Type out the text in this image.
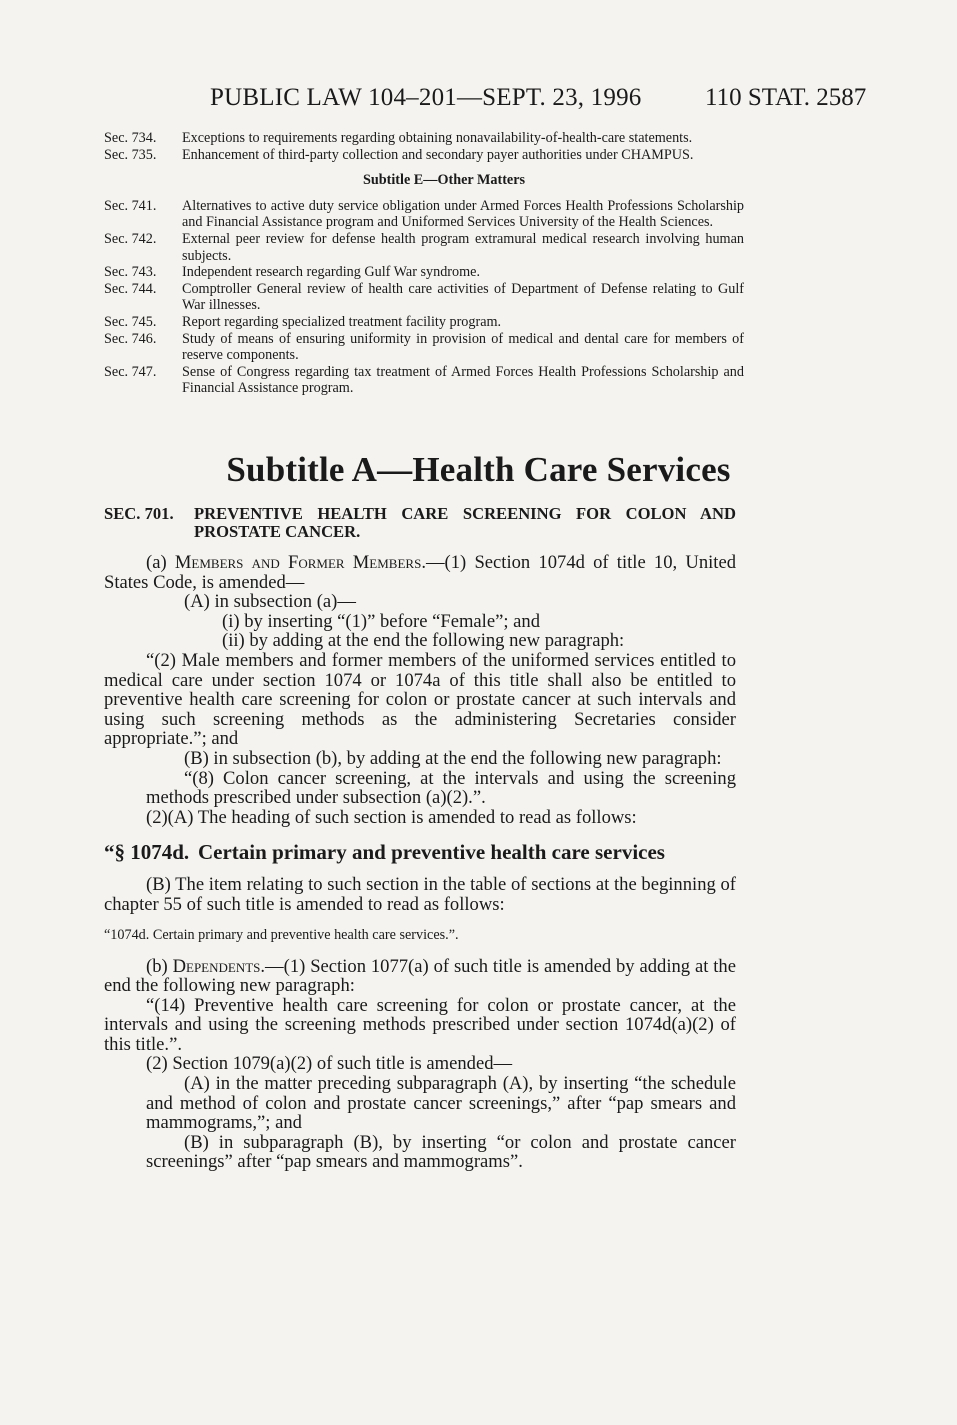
PUBLIC LAW 104–201—SEPT. 23, 1996	110 STAT. 2587
Sec. 734.	Exceptions to requirements regarding obtaining nonavailability-of-health-care statements.
Sec. 735.	Enhancement of third-party collection and secondary payer authorities under CHAMPUS.
Subtitle E—Other Matters
Sec. 741.	Alternatives to active duty service obligation under Armed Forces Health Professions Scholarship and Financial Assistance program and Uniformed Services University of the Health Sciences.
Sec. 742.	External peer review for defense health program extramural medical research involving human subjects.
Sec. 743.	Independent research regarding Gulf War syndrome.
Sec. 744.	Comptroller General review of health care activities of Department of Defense relating to Gulf War illnesses.
Sec. 745.	Report regarding specialized treatment facility program.
Sec. 746.	Study of means of ensuring uniformity in provision of medical and dental care for members of reserve components.
Sec. 747.	Sense of Congress regarding tax treatment of Armed Forces Health Professions Scholarship and Financial Assistance program.
Subtitle A—Health Care Services
SEC. 701.	PREVENTIVE HEALTH CARE SCREENING FOR COLON AND PROSTATE CANCER.

(a) Members and Former Members.—(1) Section 1074d of title 10, United States Code, is amended—

(A) in subsection (a)—

(i) by inserting “(1)” before “Female”; and

(ii) by adding at the end the following new paragraph:

“(2) Male members and former members of the uniformed services entitled to medical care under section 1074 or 1074a of this title shall also be entitled to preventive health care screening for colon or prostate cancer at such intervals and using such screening methods as the administering Secretaries consider appropriate.”; and

(B) in subsection (b), by adding at the end the following new paragraph:

“(8) Colon cancer screening, at the intervals and using the screening methods prescribed under subsection (a)(2).”.

(2)(A) The heading of such section is amended to read as follows:

“§ 1074d. Certain primary and preventive health care services

(B) The item relating to such section in the table of sections at the beginning of chapter 55 of such title is amended to read as follows:

“1074d. Certain primary and preventive health care services.”.

(b) Dependents.—(1) Section 1077(a) of such title is amended by adding at the end the following new paragraph:

“(14) Preventive health care screening for colon or prostate cancer, at the intervals and using the screening methods prescribed under section 1074d(a)(2) of this title.”.

(2) Section 1079(a)(2) of such title is amended—

(A) in the matter preceding subparagraph (A), by inserting “the schedule and method of colon and prostate cancer screenings,” after “pap smears and mammograms,”; and

(B) in subparagraph (B), by inserting “or colon and prostate cancer screenings” after “pap smears and mammograms”.
